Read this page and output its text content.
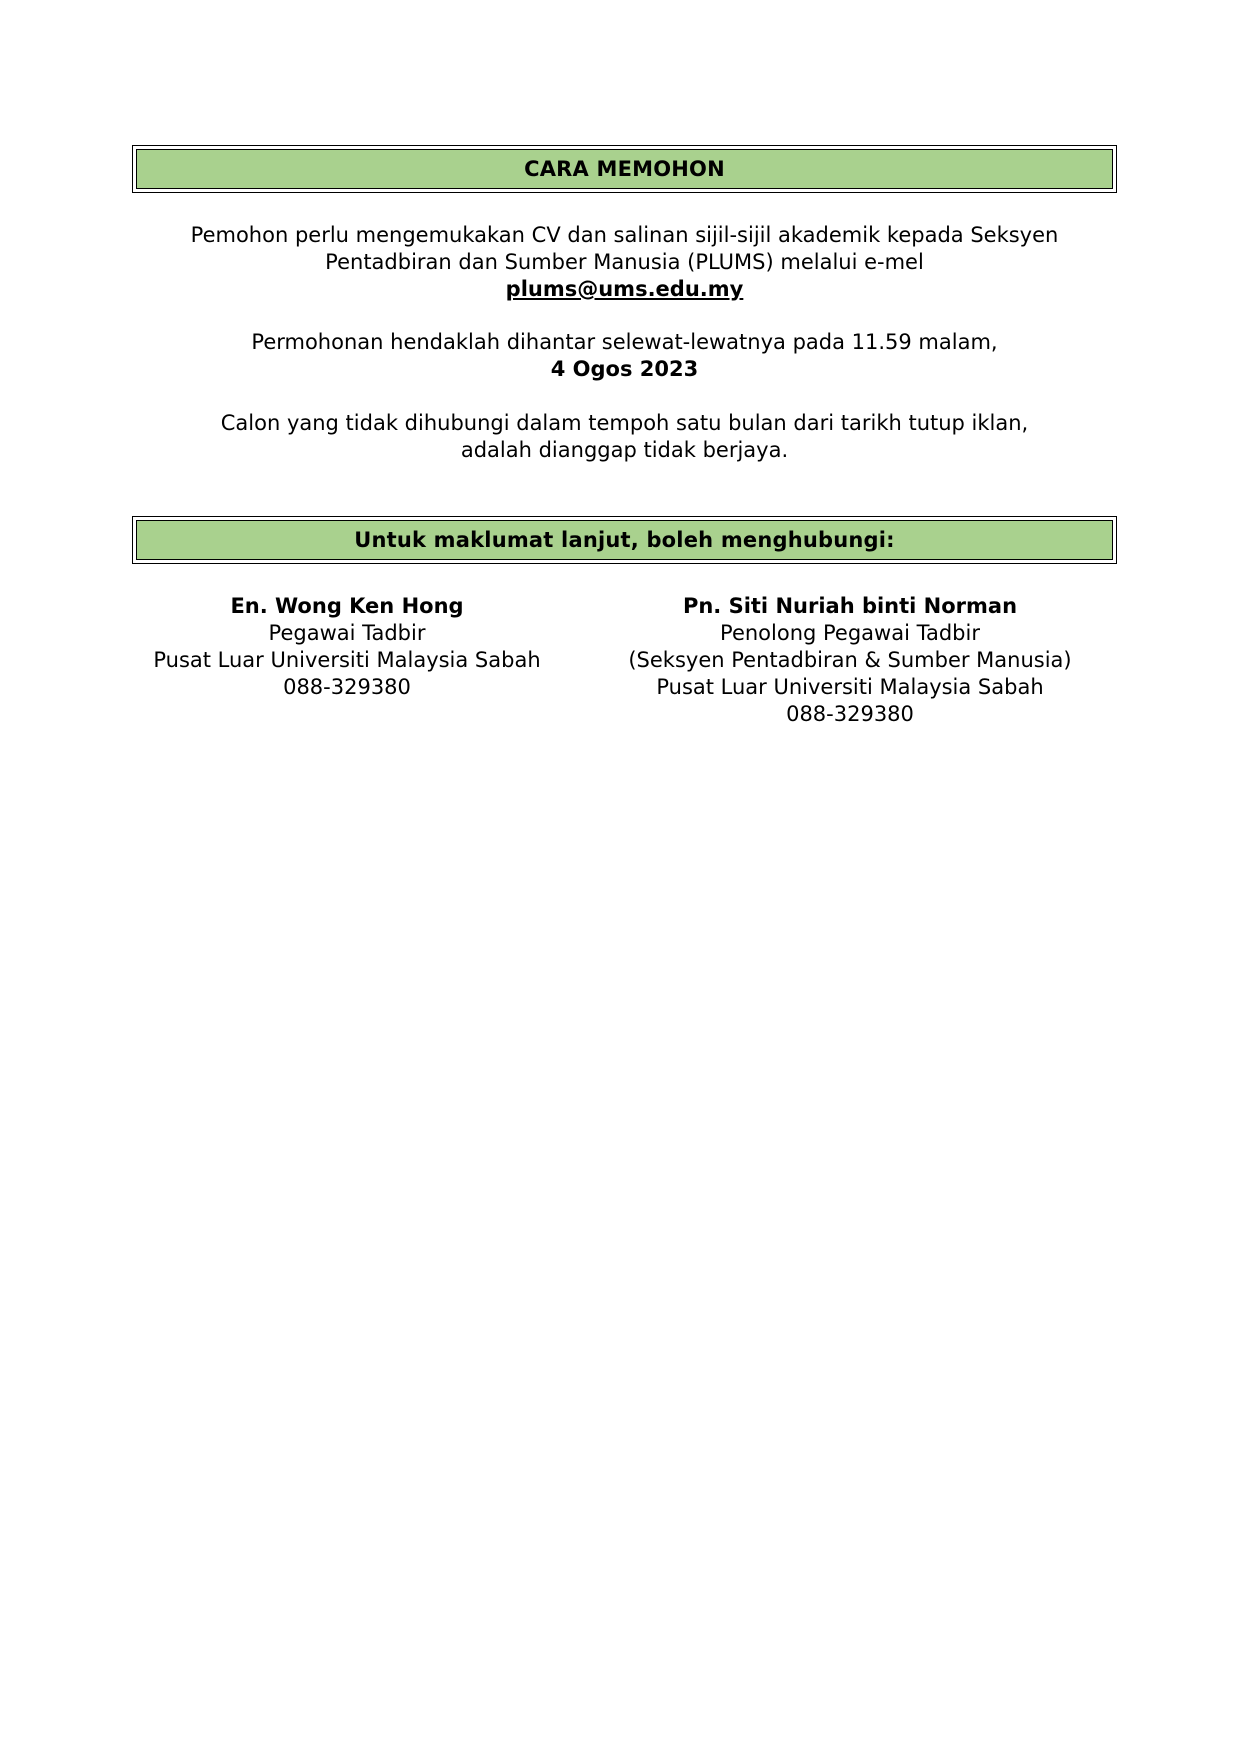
CARA MEMOHON
Pemohon perlu mengemukakan CV dan salinan sijil-sijil akademik kepada Seksyen
Pentadbiran dan Sumber Manusia (PLUMS) melalui e-mel
plums@ums.edu.my
Permohonan hendaklah dihantar selewat-lewatnya pada 11.59 malam,
4 Ogos 2023
Calon yang tidak dihubungi dalam tempoh satu bulan dari tarikh tutup iklan,
adalah dianggap tidak berjaya.
Untuk maklumat lanjut, boleh menghubungi:
En. Wong Ken Hong
Pegawai Tadbir
Pusat Luar Universiti Malaysia Sabah
088-329380
Pn. Siti Nuriah binti Norman
Penolong Pegawai Tadbir
(Seksyen Pentadbiran & Sumber Manusia)
Pusat Luar Universiti Malaysia Sabah
088-329380
